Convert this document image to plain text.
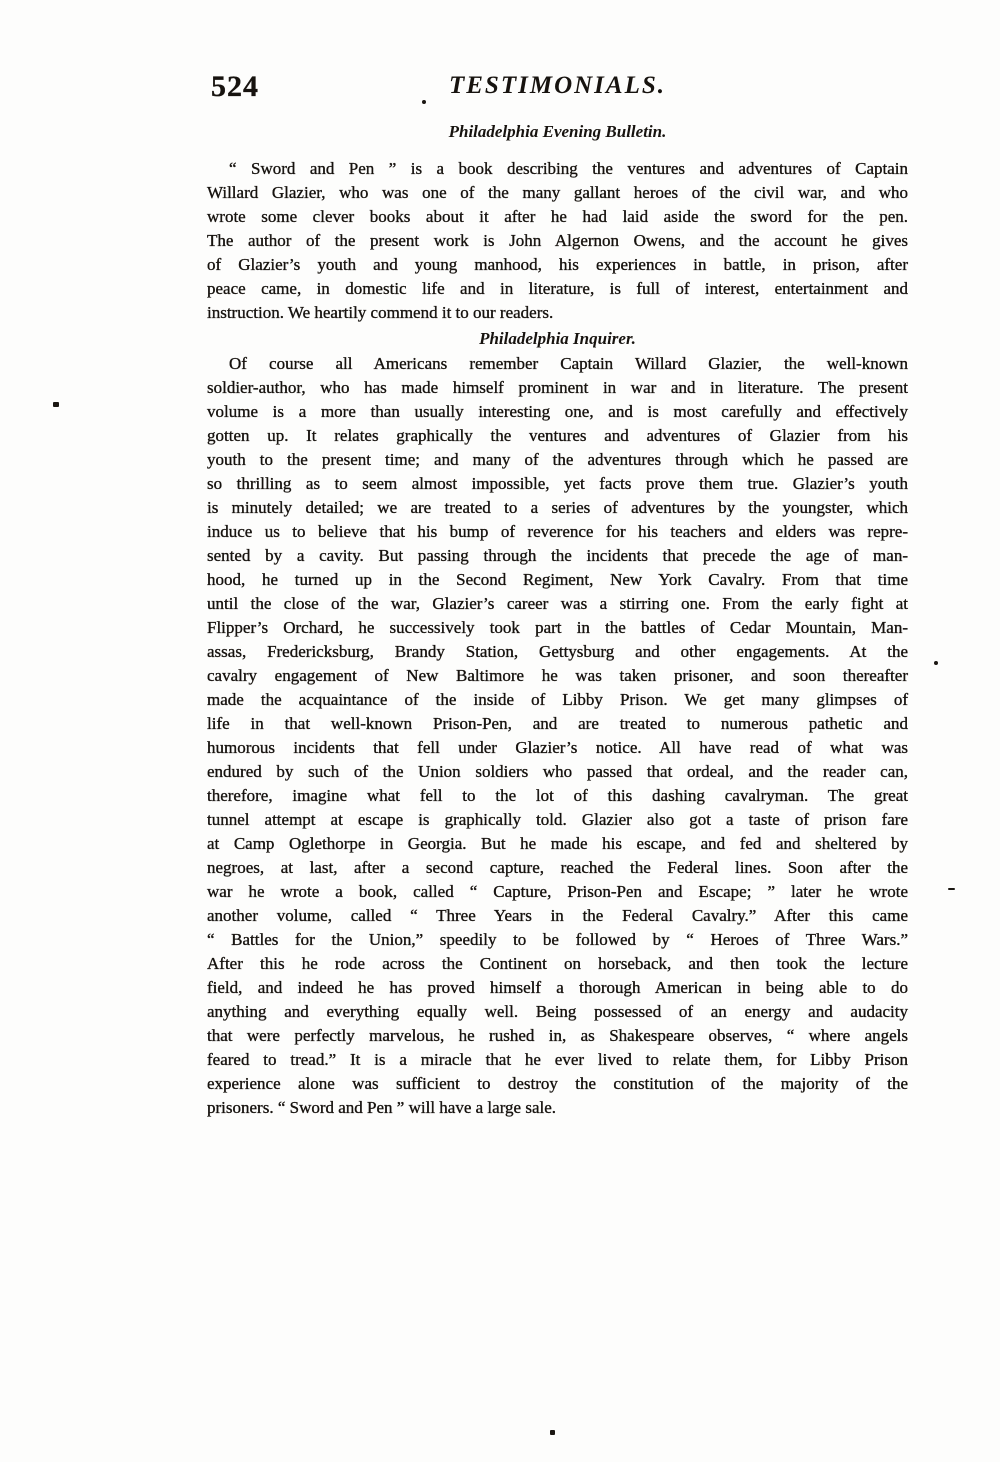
524	TESTIMONIALS.
Philadelphia Evening Bulletin.
“ Sword and Pen ” is a book describing the ventures and adventures of Captain
Willard Glazier, who was one of the many gallant heroes of the civil war, and who
wrote some clever books about it after he had laid aside the sword for the pen.
The author of the present work is John Algernon Owens, and the account he gives
of Glazier’s youth and young manhood, his experiences in battle, in prison, after
peace came, in domestic life and in literature, is full of interest, entertainment and
instruction. We heartily commend it to our readers.
Philadelphia Inquirer.
Of course all Americans remember Captain Willard Glazier, the well-known
soldier-author, who has made himself prominent in war and in literature. The present
volume is a more than usually interesting one, and is most carefully and effectively
gotten up. It relates graphically the ventures and adventures of Glazier from his
youth to the present time; and many of the adventures through which he passed are
so thrilling as to seem almost impossible, yet facts prove them true. Glazier’s youth
is minutely detailed; we are treated to a series of adventures by the youngster, which
induce us to believe that his bump of reverence for his teachers and elders was repre-
sented by a cavity. But passing through the incidents that precede the age of man-
hood, he turned up in the Second Regiment, New York Cavalry. From that time
until the close of the war, Glazier’s career was a stirring one. From the early fight at
Flipper’s Orchard, he successively took part in the battles of Cedar Mountain, Man-
assas, Fredericksburg, Brandy Station, Gettysburg and other engagements. At the
cavalry engagement of New Baltimore he was taken prisoner, and soon thereafter
made the acquaintance of the inside of Libby Prison. We get many glimpses of
life in that well-known Prison-Pen, and are treated to numerous pathetic and
humorous incidents that fell under Glazier’s notice. All have read of what was
endured by such of the Union soldiers who passed that ordeal, and the reader can,
therefore, imagine what fell to the lot of this dashing cavalryman. The great
tunnel attempt at escape is graphically told. Glazier also got a taste of prison fare
at Camp Oglethorpe in Georgia. But he made his escape, and fed and sheltered by
negroes, at last, after a second capture, reached the Federal lines. Soon after the
war he wrote a book, called “ Capture, Prison-Pen and Escape; ” later he wrote
another volume, called “ Three Years in the Federal Cavalry.” After this came
“ Battles for the Union,” speedily to be followed by “ Heroes of Three Wars.”
After this he rode across the Continent on horseback, and then took the lecture
field, and indeed he has proved himself a thorough American in being able to do
anything and everything equally well. Being possessed of an energy and audacity
that were perfectly marvelous, he rushed in, as Shakespeare observes, “ where angels
feared to tread.” It is a miracle that he ever lived to relate them, for Libby Prison
experience alone was sufficient to destroy the constitution of the majority of the
prisoners. “ Sword and Pen ” will have a large sale.
